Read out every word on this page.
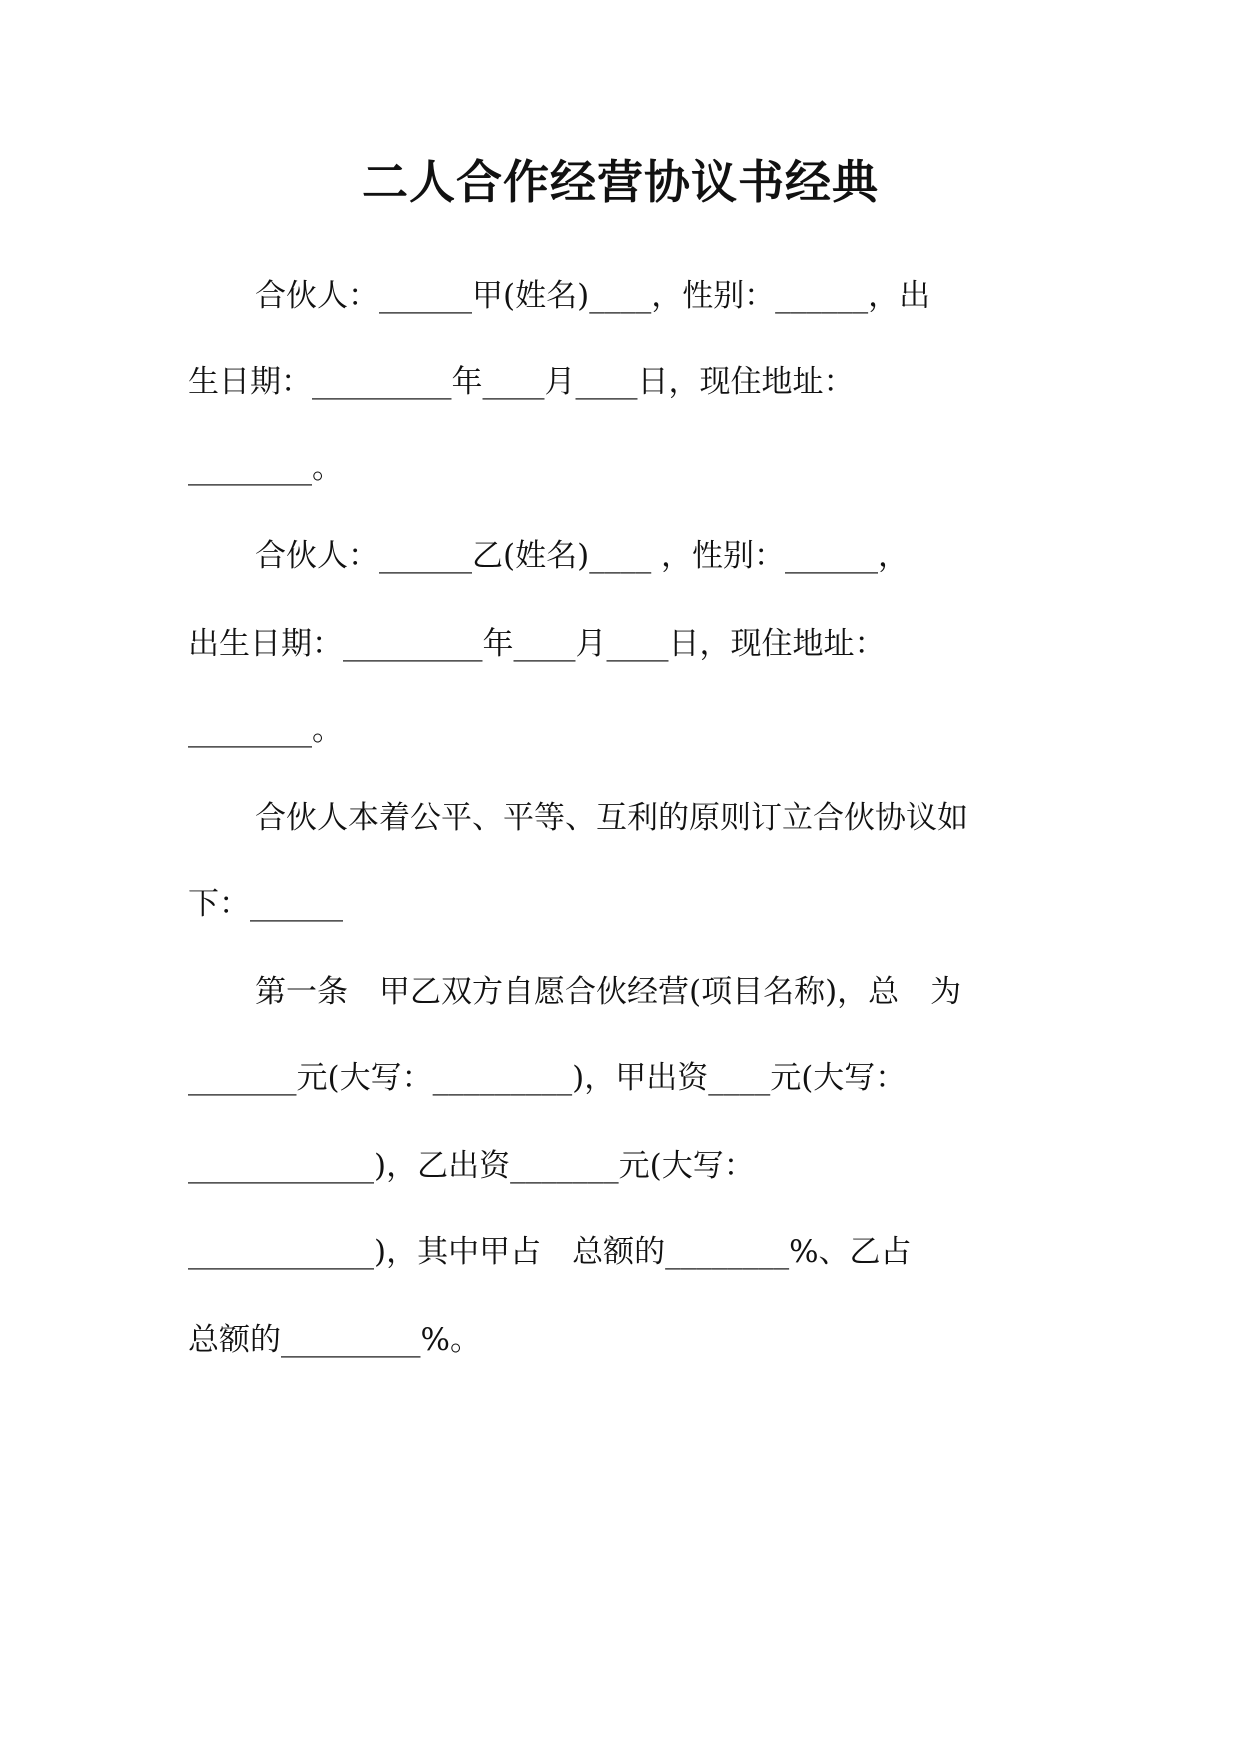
二人合作经营协议书经典
合伙人：______甲(姓名)____，性别：______，出
生日期：_________年____月____日，现住地址：
________。
合伙人：______乙(姓名)____ ，性别：______，
出生日期：_________年____月____日，现住地址：
________。
合伙人本着公平、平等、互利的原则订立合伙协议如
下：______
第一条　甲乙双方自愿合伙经营(项目名称)，总　为
_______元(大写：_________)，甲出资____元(大写：
____________)，乙出资_______元(大写：
____________)，其中甲占　总额的________%、乙占
总额的_________%。
